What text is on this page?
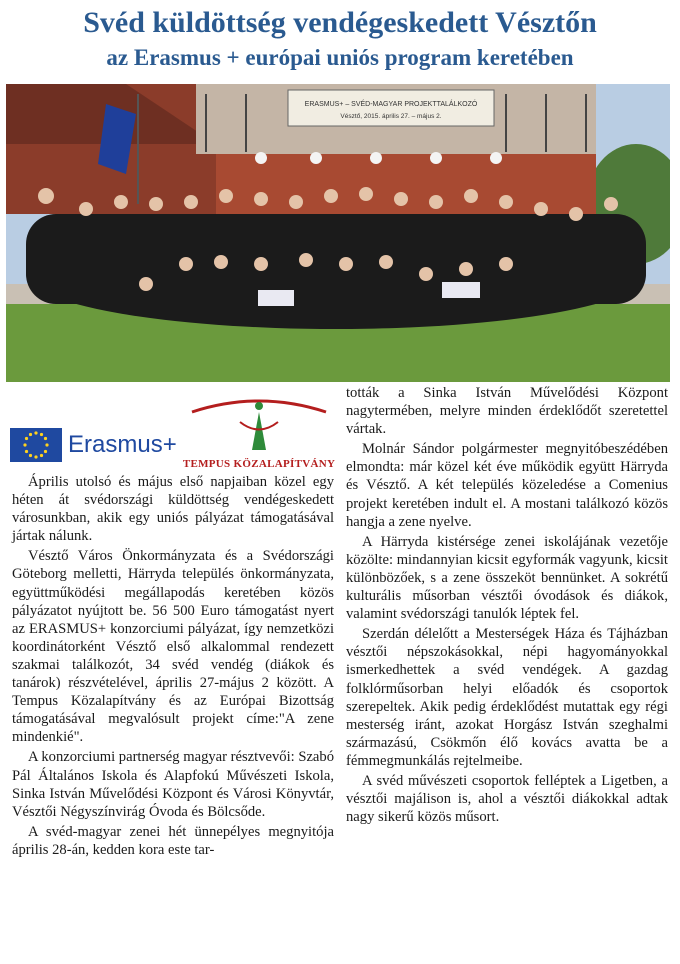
Svéd küldöttség vendégeskedett Vésztőn
az Erasmus + európai uniós program keretében
ERASMUS+ – SVÉD-MAGYAR PROJEKTTALÁLKOZÓ
Vésztő, 2015. április 27. – május 2.
Erasmus+
TEMPUS KÖZALAPÍTVÁNY

Április utolsó és május első napjaiban közel egy héten át svédországi küldöttség vendégeskedett városunkban, akik egy uniós pályázat támogatásával jártak nálunk.

Vésztő Város Önkormányzata és a Svédországi Göteborg melletti, Härryda település önkormányzata, együttműködési megállapodás keretében közös pályázatot nyújtott be. 56 500 Euro támogatást nyert az ERASMUS+ konzorciumi pályázat, így nemzetközi koordinátorként Vésztő első alkalommal rendezett szakmai találkozót, 34 svéd vendég (diákok és tanárok) részvételével, április 27-május 2 között. A Tempus Közalapítvány és az Európai Bizottság támogatásával megvalósult projekt címe:"A zene mindenkié".

A konzorciumi partnerség magyar résztvevői: Szabó Pál Általános Iskola és Alapfokú Művészeti Iskola, Sinka István Művelődési Központ és Városi Könyvtár, Vésztői Négyszínvirág Óvoda és Bölcsőde.

A svéd-magyar zenei hét ünnepélyes megnyitója április 28-án, kedden kora este tar-

tották a Sinka István Művelődési Központ nagytermében, melyre minden érdeklődőt szeretettel vártak.

Molnár Sándor polgármester megnyitóbeszédében elmondta: már közel két éve működik együtt Härryda és Vésztő. A két település közeledése a Comenius projekt keretében indult el. A mostani találkozó közös hangja a zene nyelve.

A Härryda kistérsége zenei iskolájának vezetője közölte: mindannyian kicsit egyformák vagyunk, kicsit különbözőek, s a zene összeköt bennünket. A sokrétű kulturális műsorban vésztői óvodások és diákok, valamint svédországi tanulók léptek fel.

Szerdán délelőtt a Mesterségek Háza és Tájházban vésztői népszokásokkal, népi hagyományokkal ismerkedhettek a svéd vendégek. A gazdag folklórműsorban helyi előadók és csoportok szerepeltek. Akik pedig érdeklődést mutattak egy régi mesterség iránt, azokat Horgász István szeghalmi származású, Csökmőn élő kovács avatta be a fémmegmunkálás rejtelmeibe.

A svéd művészeti csoportok felléptek a Ligetben, a vésztői majálison is, ahol a vésztői diákokkal adtak nagy sikerű közös műsort.
